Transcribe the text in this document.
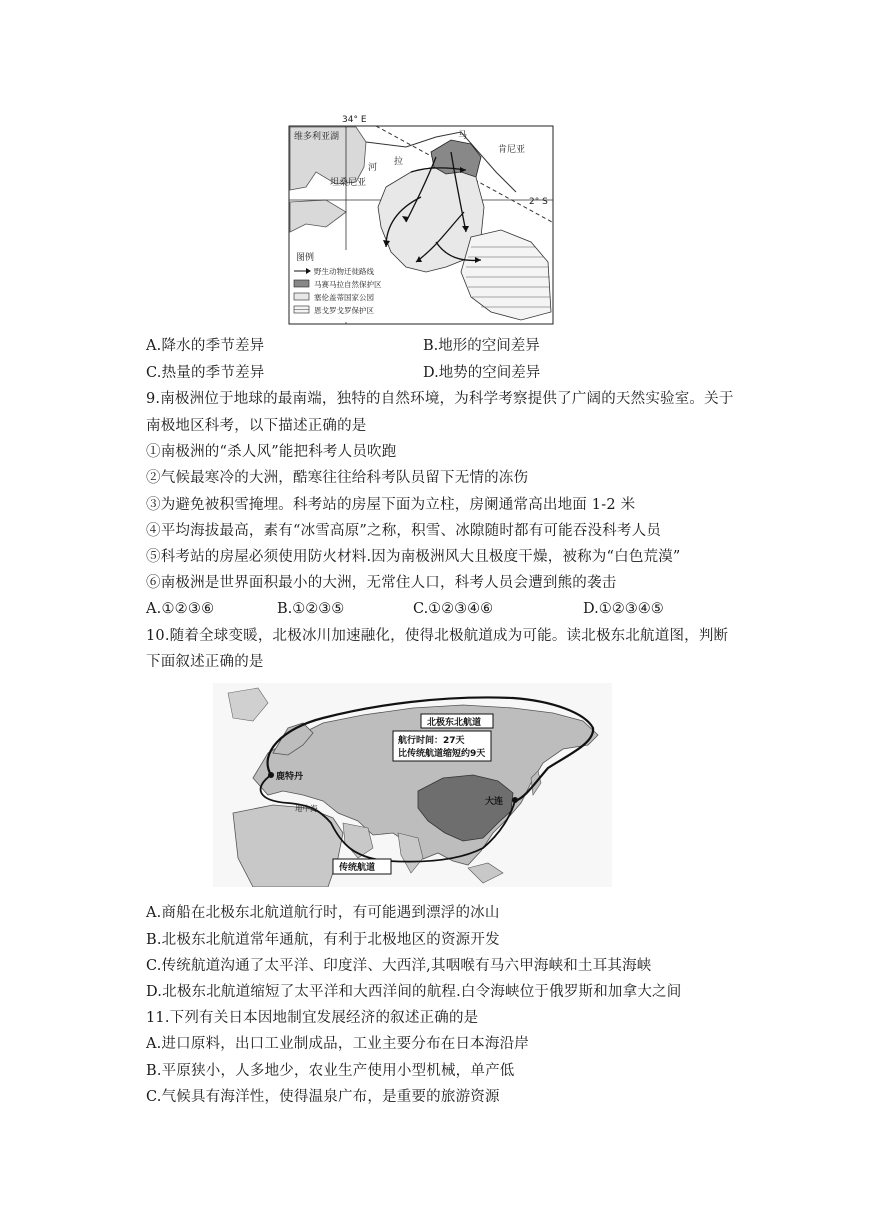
34° E
2° S
维多利亚湖	马
肯尼亚
河
拉
坦桑尼亚
图例
野生动物迁徙路线
马赛马拉自然保护区
塞伦盖蒂国家公园
恩戈罗戈罗保护区
A.降水的季节差异	B.地形的空间差异
C.热量的季节差异	D.地势的空间差异
9.南极洲位于地球的最南端，独特的自然环境，为科学考察提供了广阔的天然实验室。关于
南极地区科考，以下描述正确的是
①南极洲的“杀人风”能把科考人员吹跑
②气候最寒冷的大洲，酷寒往往给科考队员留下无情的冻伤
③为避免被积雪掩埋。科考站的房屋下面为立柱，房阑通常高出地面 1-2 米
④平均海拔最高，素有“冰雪高原”之称，积雪、冰隙随时都有可能吞没科考人员
⑤科考站的房屋必须使用防火材料.因为南极洲风大且极度干燥，被称为“白色荒漠”
⑥南极洲是世界面积最小的大洲，无常住人口，科考人员会遭到熊的袭击
A.①②③⑥	B.①②③⑤	C.①②③④⑥	D.①②③④⑤
10.随着全球变暖，北极冰川加速融化，使得北极航道成为可能。读北极东北航道图，判断
下面叙述正确的是
北极东北航道
航行时间：27天
比传统航道缩短约9天
鹿特丹
地中海
大连
传统航道
A.商船在北极东北航道航行时，有可能遇到漂浮的冰山
B.北极东北航道常年通航，有利于北极地区的资源开发
C.传统航道沟通了太平洋、印度洋、大西洋,其咽喉有马六甲海峡和土耳其海峡
D.北极东北航道缩短了太平洋和大西洋间的航程.白令海峡位于俄罗斯和加拿大之间
11.下列有关日本因地制宜发展经济的叙述正确的是
A.进口原料，出口工业制成品，工业主要分布在日本海沿岸
B.平原狭小，人多地少，农业生产使用小型机械，单产低
C.气候具有海洋性，使得温泉广布，是重要的旅游资源
